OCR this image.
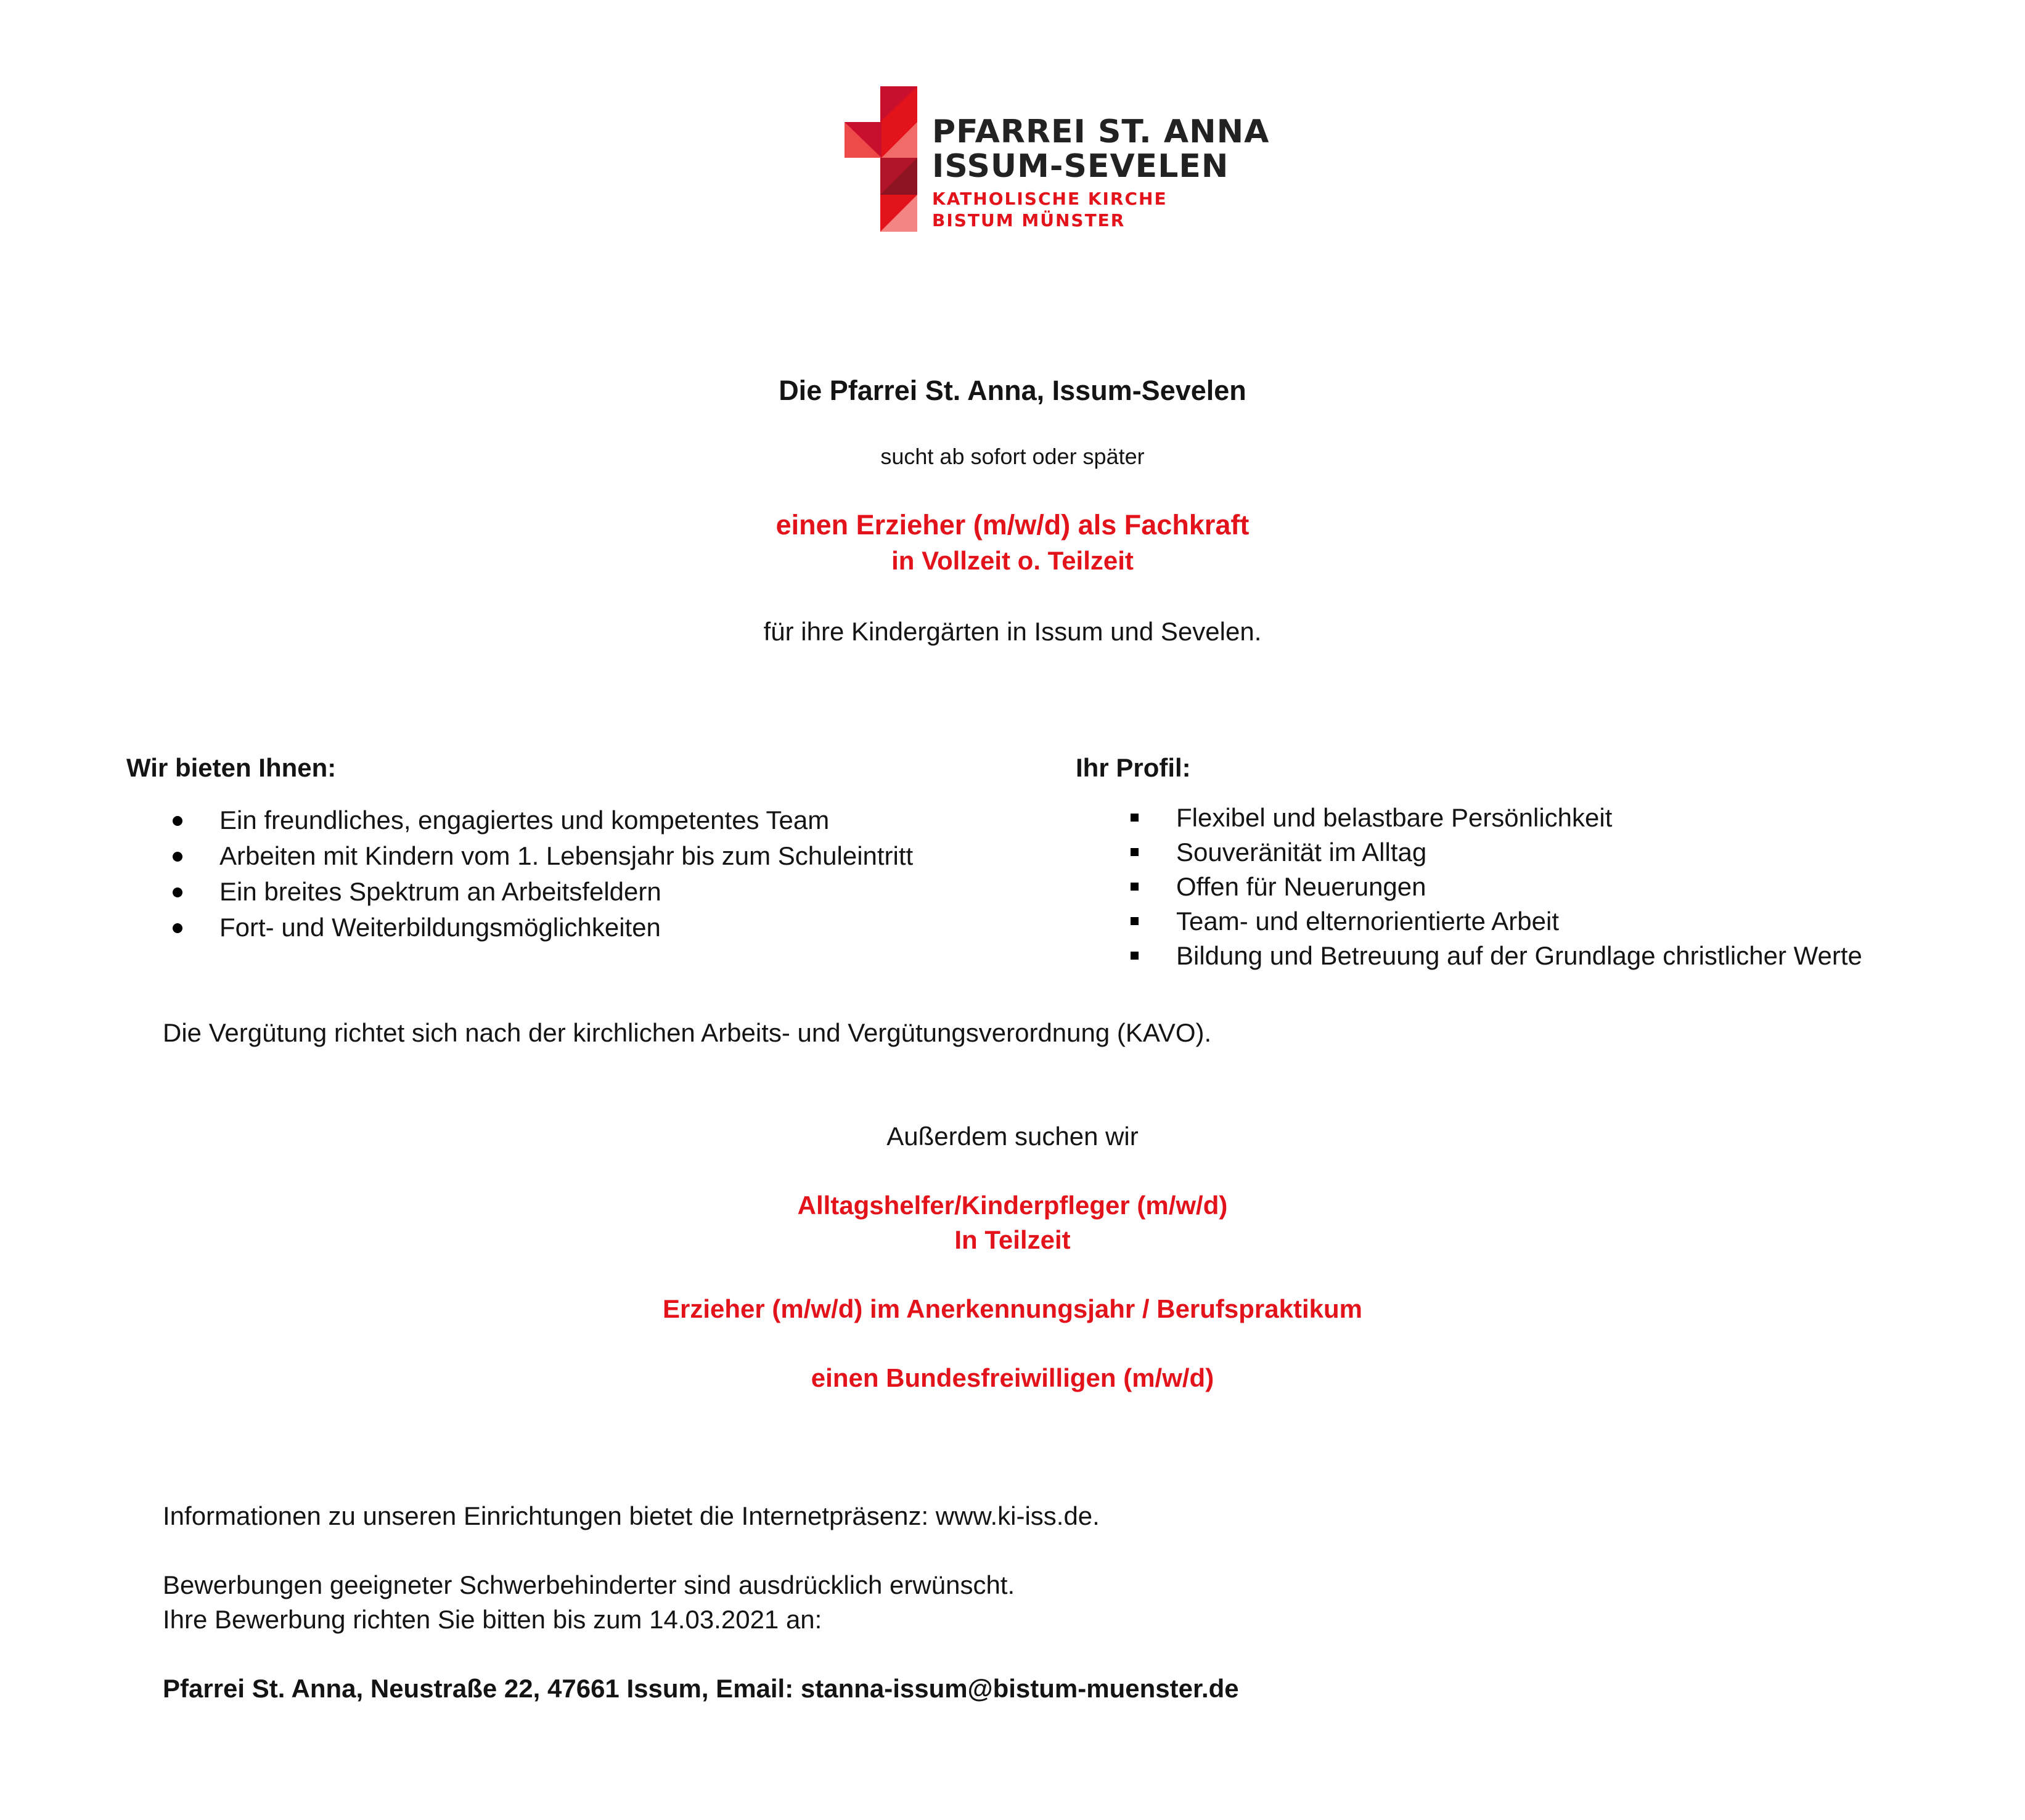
PFARREI ST. ANNA
ISSUM-SEVELEN
KATHOLISCHE KIRCHE
BISTUM MÜNSTER
Die Pfarrei St. Anna, Issum-Sevelen
sucht ab sofort oder später
einen Erzieher (m/w/d) als Fachkraft
in Vollzeit o. Teilzeit
für ihre Kindergärten in Issum und Sevelen.
Wir bieten Ihnen:
Ein freundliches, engagiertes und kompetentes Team
Arbeiten mit Kindern vom 1. Lebensjahr bis zum Schuleintritt
Ein breites Spektrum an Arbeitsfeldern
Fort- und Weiterbildungsmöglichkeiten
Ihr Profil:
Flexibel und belastbare Persönlichkeit
Souveränität im Alltag
Offen für Neuerungen
Team- und elternorientierte Arbeit
Bildung und Betreuung auf der Grundlage christlicher Werte
Die Vergütung richtet sich nach der kirchlichen Arbeits- und Vergütungsverordnung (KAVO).
Außerdem suchen wir
Alltagshelfer/Kinderpfleger (m/w/d)
In Teilzeit
Erzieher (m/w/d) im Anerkennungsjahr / Berufspraktikum
einen Bundesfreiwilligen (m/w/d)
Informationen zu unseren Einrichtungen bietet die Internetpräsenz: www.ki-iss.de.
Bewerbungen geeigneter Schwerbehinderter sind ausdrücklich erwünscht.
Ihre Bewerbung richten Sie bitten bis zum 14.03.2021 an:
Pfarrei St. Anna, Neustraße 22, 47661 Issum, Email: stanna-issum@bistum-muenster.de
